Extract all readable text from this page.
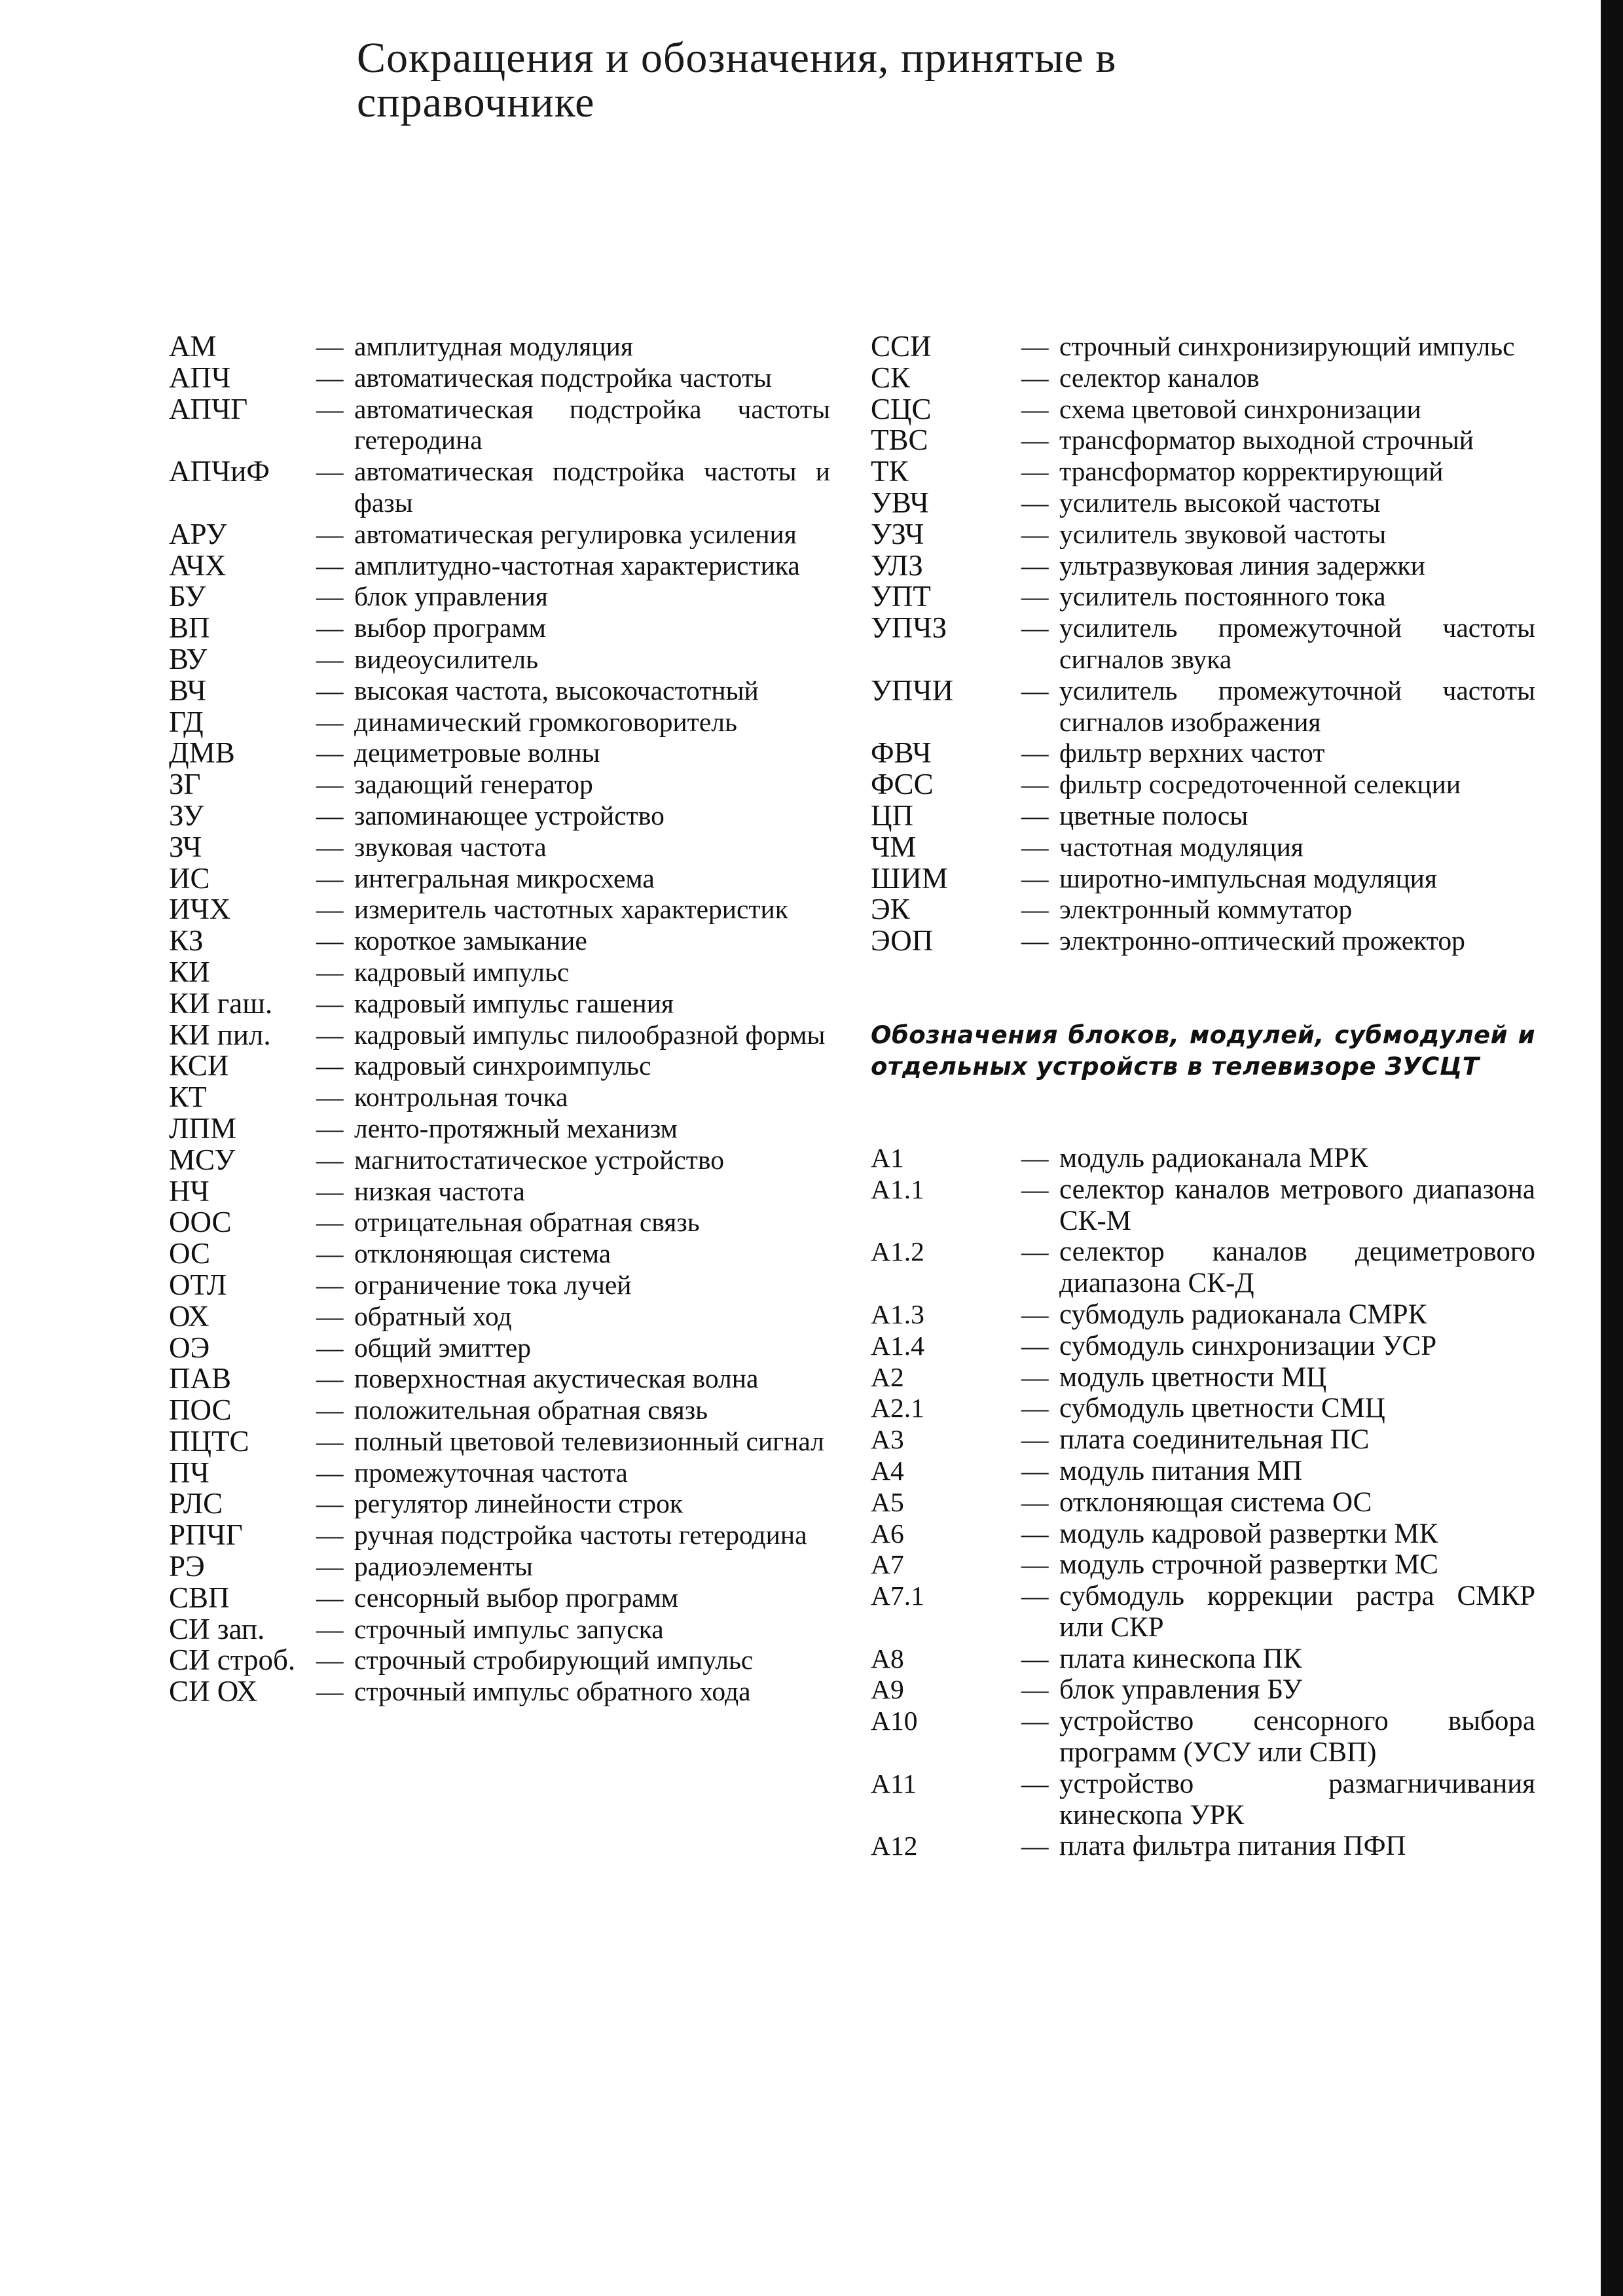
Сокращения и обозначения, принятые в справочнике
АМ	— амплитудная модуляция
АПЧ	— автоматическая подстройка частоты
АПЧГ	— автоматическая подстройка частоты гетеродина
АПЧиФ	— автоматическая подстройка частоты и фазы
АРУ	— автоматическая регулировка усиления
АЧХ	— амплитудно-частотная характеристика
БУ	— блок управления
ВП	— выбор программ
ВУ	— видеоусилитель
ВЧ	— высокая частота, высокочастотный
ГД	— динамический громкоговоритель
ДМВ	— дециметровые волны
ЗГ	— задающий генератор
ЗУ	— запоминающее устройство
ЗЧ	— звуковая частота
ИС	— интегральная микросхема
ИЧХ	— измеритель частотных характеристик
КЗ	— короткое замыкание
КИ	— кадровый импульс
КИ гаш.	— кадровый импульс гашения
КИ пил.	— кадровый импульс пилообразной формы
КСИ	— кадровый синхроимпульс
КТ	— контрольная точка
ЛПМ	— ленто-протяжный механизм
МСУ	— магнитостатическое устройство
НЧ	— низкая частота
ООС	— отрицательная обратная связь
ОС	— отклоняющая система
ОТЛ	— ограничение тока лучей
ОХ	— обратный ход
ОЭ	— общий эмиттер
ПАВ	— поверхностная акустическая волна
ПОС	— положительная обратная связь
ПЦТС	— полный цветовой телевизионный сигнал
ПЧ	— промежуточная частота
РЛС	— регулятор линейности строк
РПЧГ	— ручная подстройка частоты гетеродина
РЭ	— радиоэлементы
СВП	— сенсорный выбор программ
СИ зап.	— строчный импульс запуска
СИ строб. — строчный стробирующий импульс
СИ ОХ	— строчный импульс обратного хода
ССИ	— строчный синхронизирующий импульс
СК	— селектор каналов
СЦС	— схема цветовой синхронизации
ТВС	— трансформатор выходной строчный
ТК	— трансформатор корректирующий
УВЧ	— усилитель высокой частоты
УЗЧ	— усилитель звуковой частоты
УЛЗ	— ультразвуковая линия задержки
УПТ	— усилитель постоянного тока
УПЧЗ	— усилитель промежуточной частоты сигналов звука
УПЧИ	— усилитель промежуточной частоты сигналов изображения
ФВЧ	— фильтр верхних частот
ФСС	— фильтр сосредоточенной селекции
ЦП	— цветные полосы
ЧМ	— частотная модуляция
ШИМ	— широтно-импульсная модуляция
ЭК	— электронный коммутатор
ЭОП	— электронно-оптический прожектор
Обозначения блоков, модулей, субмодулей и отдельных устройств в телевизоре ЗУСЦТ
А1	— модуль радиоканала МРК
А1.1	— селектор каналов метрового диапазона СК-М
А1.2	— селектор каналов дециметрового диапазона СК-Д
А1.3	— субмодуль радиоканала СМРК
А1.4	— субмодуль синхронизации УСР
А2	— модуль цветности МЦ
А2.1	— субмодуль цветности СМЦ
А3	— плата соединительная ПС
А4	— модуль питания МП
А5	— отклоняющая система ОС
А6	— модуль кадровой развертки МК
А7	— модуль строчной развертки МС
А7.1	— субмодуль коррекции растра СМКР или СКР
А8	— плата кинескопа ПК
А9	— блок управления БУ
А10	— устройство сенсорного выбора программ (УСУ или СВП)
А11	— устройство размагничивания кинескопа УРК
А12	— плата фильтра питания ПФП
